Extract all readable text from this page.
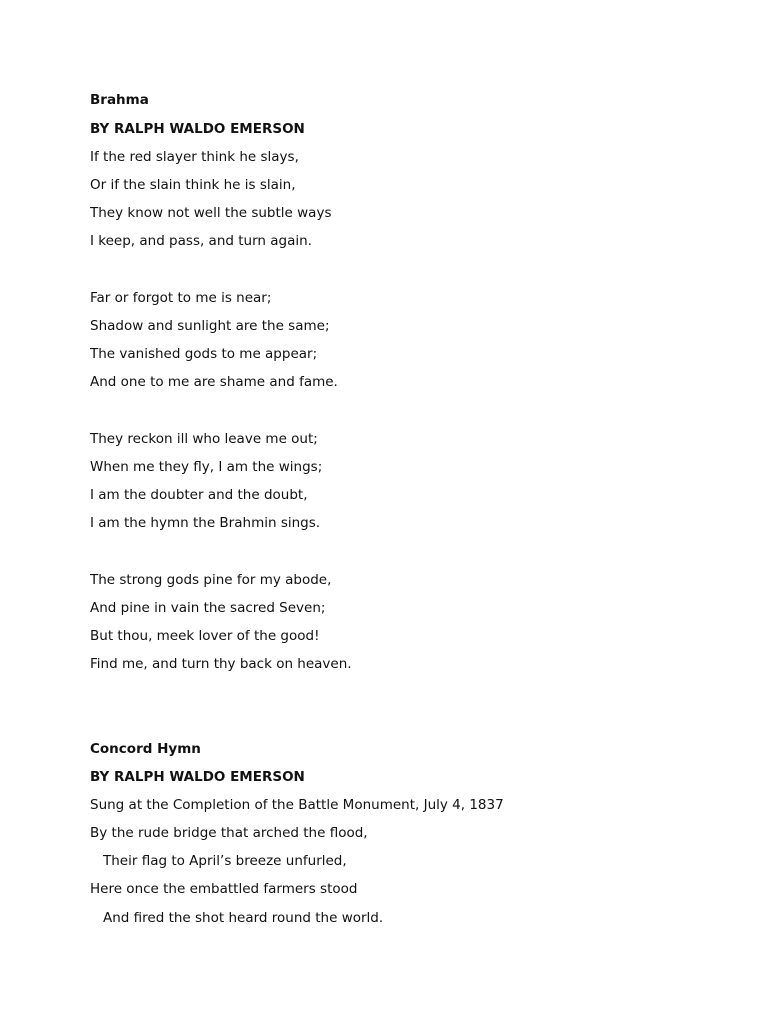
Brahma
BY RALPH WALDO EMERSON
If the red slayer think he slays,
Or if the slain think he is slain,
They know not well the subtle ways
I keep, and pass, and turn again.
Far or forgot to me is near;
Shadow and sunlight are the same;
The vanished gods to me appear;
And one to me are shame and fame.
They reckon ill who leave me out;
When me they fly, I am the wings;
I am the doubter and the doubt,
I am the hymn the Brahmin sings.
The strong gods pine for my abode,
And pine in vain the sacred Seven;
But thou, meek lover of the good!
Find me, and turn thy back on heaven.
Concord Hymn
BY RALPH WALDO EMERSON
Sung at the Completion of the Battle Monument, July 4, 1837
By the rude bridge that arched the flood,
Their flag to April’s breeze unfurled,
Here once the embattled farmers stood
And fired the shot heard round the world.
